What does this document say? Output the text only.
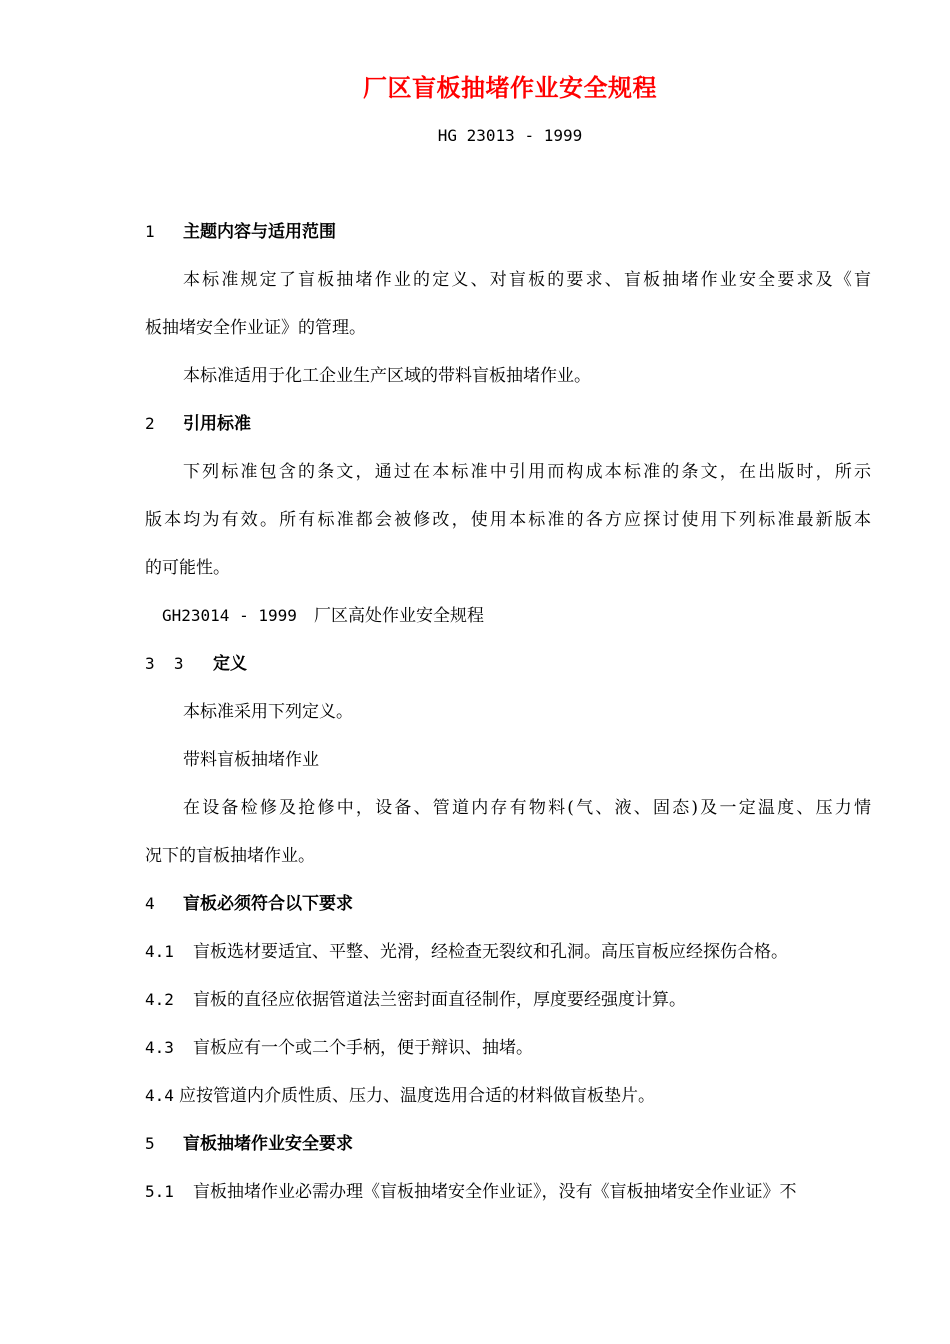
厂区盲板抽堵作业安全规程
HG 23013 - 1999
1 主题内容与适用范围
本标准规定了盲板抽堵作业的定义、对盲板的要求、盲板抽堵作业安全要求及《盲
板抽堵安全作业证》的管理。
本标准适用于化工企业生产区域的带料盲板抽堵作业。
2 引用标准
下列标准包含的条文，通过在本标准中引用而构成本标准的条文，在出版时，所示
版本均为有效。所有标准都会被修改，使用本标准的各方应探讨使用下列标准最新版本
的可能性。
GH23014 - 1999 厂区高处作业安全规程
3  3 定义
本标准采用下列定义。
带料盲板抽堵作业
在设备检修及抢修中，设备、管道内存有物料(气、液、固态)及一定温度、压力情
况下的盲板抽堵作业。
4 盲板必须符合以下要求
4.1 盲板选材要适宜、平整、光滑，经检查无裂纹和孔洞。高压盲板应经探伤合格。
4.2 盲板的直径应依据管道法兰密封面直径制作，厚度要经强度计算。
4.3 盲板应有一个或二个手柄，便于辩识、抽堵。
4.4 应按管道内介质性质、压力、温度选用合适的材料做盲板垫片。
5 盲板抽堵作业安全要求
5.1 盲板抽堵作业必需办理《盲板抽堵安全作业证》，没有《盲板抽堵安全作业证》不
